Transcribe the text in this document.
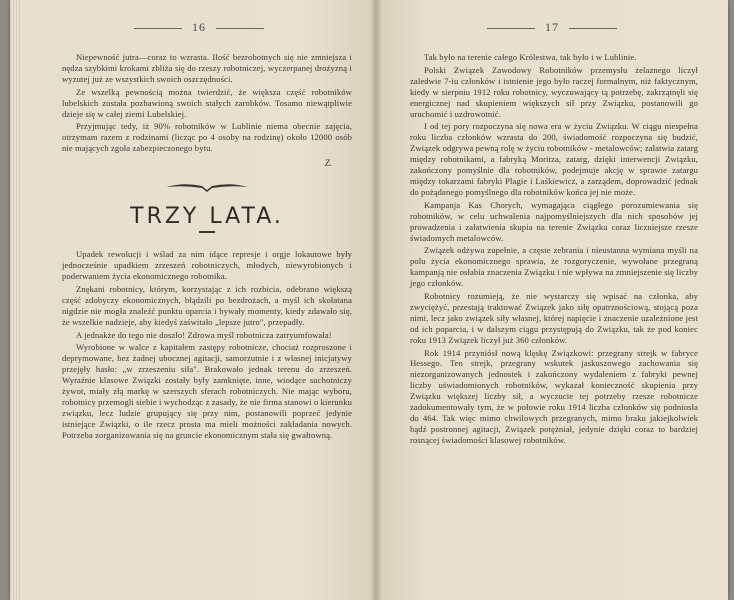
16

Niepewność jutra—coraz to wzrasta. Ilość bezrobotnych się nie zmniejsza i nędza szybkimi krokami zbliża się do rzeszy robotniczej, wyczerpanej drożyzną i wyzutej już ze wszystkich swoich oszczędności.

Ze wszelką pewnością można twierdzić, że większa część robotników lubelskich została pozbawioną swoich stałych zarobków. Tosamo niewątpliwie dzieje się w całej ziemi Lubelskiej.

Przyjmując tedy, iż 90% robotników w Lublinie niema obecnie zajęcia, otrzymam razem z rodzinami (licząc po 4 osoby na rodzinę) około 12000 osób nie mających zgoła zabezpieczonego bytu.

Z.
TRZY LATA.

Upadek rewolucji i wślad za nim idące represje i orgje lokautowe były jednocześnie upadkiem zrzeszeń robotniczych, młodych, niewyrobionych i poderwaniem życia ekonomicznego robotnika.

Znękani robotnicy, którym, korzystając z ich rozbicia, odebrano większą część zdobyczy ekonomicznych, błądzili po bezdrożach, a myśl ich skołatana nigdzie nie mogła znaleźć punktu oparcia i bywały momenty, kiedy zdawało się, że wszelkie nadzieje, aby kiedyś zaświtało „lepsze jutro", przepadły.

A jednakże do tego nie doszło! Zdrowa myśl robotnicza zatryumfowała!

Wyrobione w walce z kapitałem zastępy robotnicze, chociaż rozproszone i deprymowane, bez żadnej ubocznej agitacji, samorzutnie i z własnej inicjatywy przejęły hasło: „w zrzeszeniu siła". Brakowało jednak terenu do zrzeszeń. Wyraźnie klasowe Związki zostały były zamknięte, inne, wiodące suchotniczy żywot, miały złą markę w szerszych sferach robotniczych. Nie mając wyboru, robotnicy przemogli siebie i wychodząc z zasady, że nie firma stanowi o kierunku związku, lecz ludzie grupujący się przy nim, postanowili poprzeć jedynie istniejące Związki, o ile rzecz prosta ma mieli możności zakładania nowych. Potrzeba zorganizowania się na gruncie ekonomicznym stała się gwałtowną.

17

Tak było na terenie całego Królestwa, tak było i w Lublinie.

Polski Związek Zawodowy Robotników przemysłu żelaznego liczył zaledwie 7-iu członków i istnienie jego było raczej formalnym, niż faktycznym, kiedy w sierpniu 1912 roku robotnicy, wyczuwający tą potrzebę, zakrzątnęli się energicznej nad skupieniem większych sił przy Związku, postanowili go uruchomić i uzdrowotnić.

I od tej pory rozpoczyna się nowa era w życiu Związku. W ciągu niespełna roku liczba członków wzrasta do 200, świadomość rozpoczyna się budzić, Związek odgrywa pewną rolę w życiu robotników - metalowców; załatwia zatarg między robotnikami, a fabryką Moritza, zatarg, dzięki interwencji Związku, zakończony pomyślnie dla robotników, podejmuje akcję w sprawie zatargu między tokarzami fabryki Plagie i Laśkiewicz, a zarządem, doprowadzić jednak do pożądanego pomyślnego dla robotników końca jej nie może.

Kampanja Kas Chorych, wymagająca ciągłego porozumiewania się robotników, w celu uchwalenia najpomyślniejszych dla nich sposobów jej prowadzenia i załatwienia skupia na terenie Związku coraz liczniejsze rzesze świadomych metalowców.

Związek odżywa zupełnie, a częste zebrania i nieustanna wymiana myśli na polu życia ekonomicznego sprawia, że rozgoryczenie, wywołane przegraną kampanją nie osłabia znaczenia Związku i nie wpływa na zmniejszenie się liczby jego członków.

Robotnicy rozumieją, że nie wystarczy się wpisać na członka, aby zwyciężyć, przestają traktować Związek jako siłę opatrznościową, stojącą poza nimi, lecz jako związek siły własnej, której napięcie i znaczenie uzależnione jest od ich poparcia, i w dalszym ciągu przystępują do Związku, tak że pod koniec roku 1913 Związek liczył już 360 członków.

Rok 1914 przyniósł nową klęskę Związkowi: przegrany strejk w fabryce Hessego. Ten strejk, przegrany wskutek jaskuszowego zachowania się niezorganizowanych jednostek i zakończony wydaleniem z fabryki pewnej liczby uświadomionych robotników, wykazał konieczność skupienia przy Związku większej liczby sił, a wyczucie tej potrzeby rzesze robotnicze zadokumentowały tym, że w połowie roku 1914 liczba członków się podniosła do 464. Tak więc mimo chwilowych przegranych, mimo braku jakiejkolwiek bądź postronnej agitacji, Związek potężniał, jedynie dzięki coraz to bardziej rosnącej świadomości klasowej robotników.
